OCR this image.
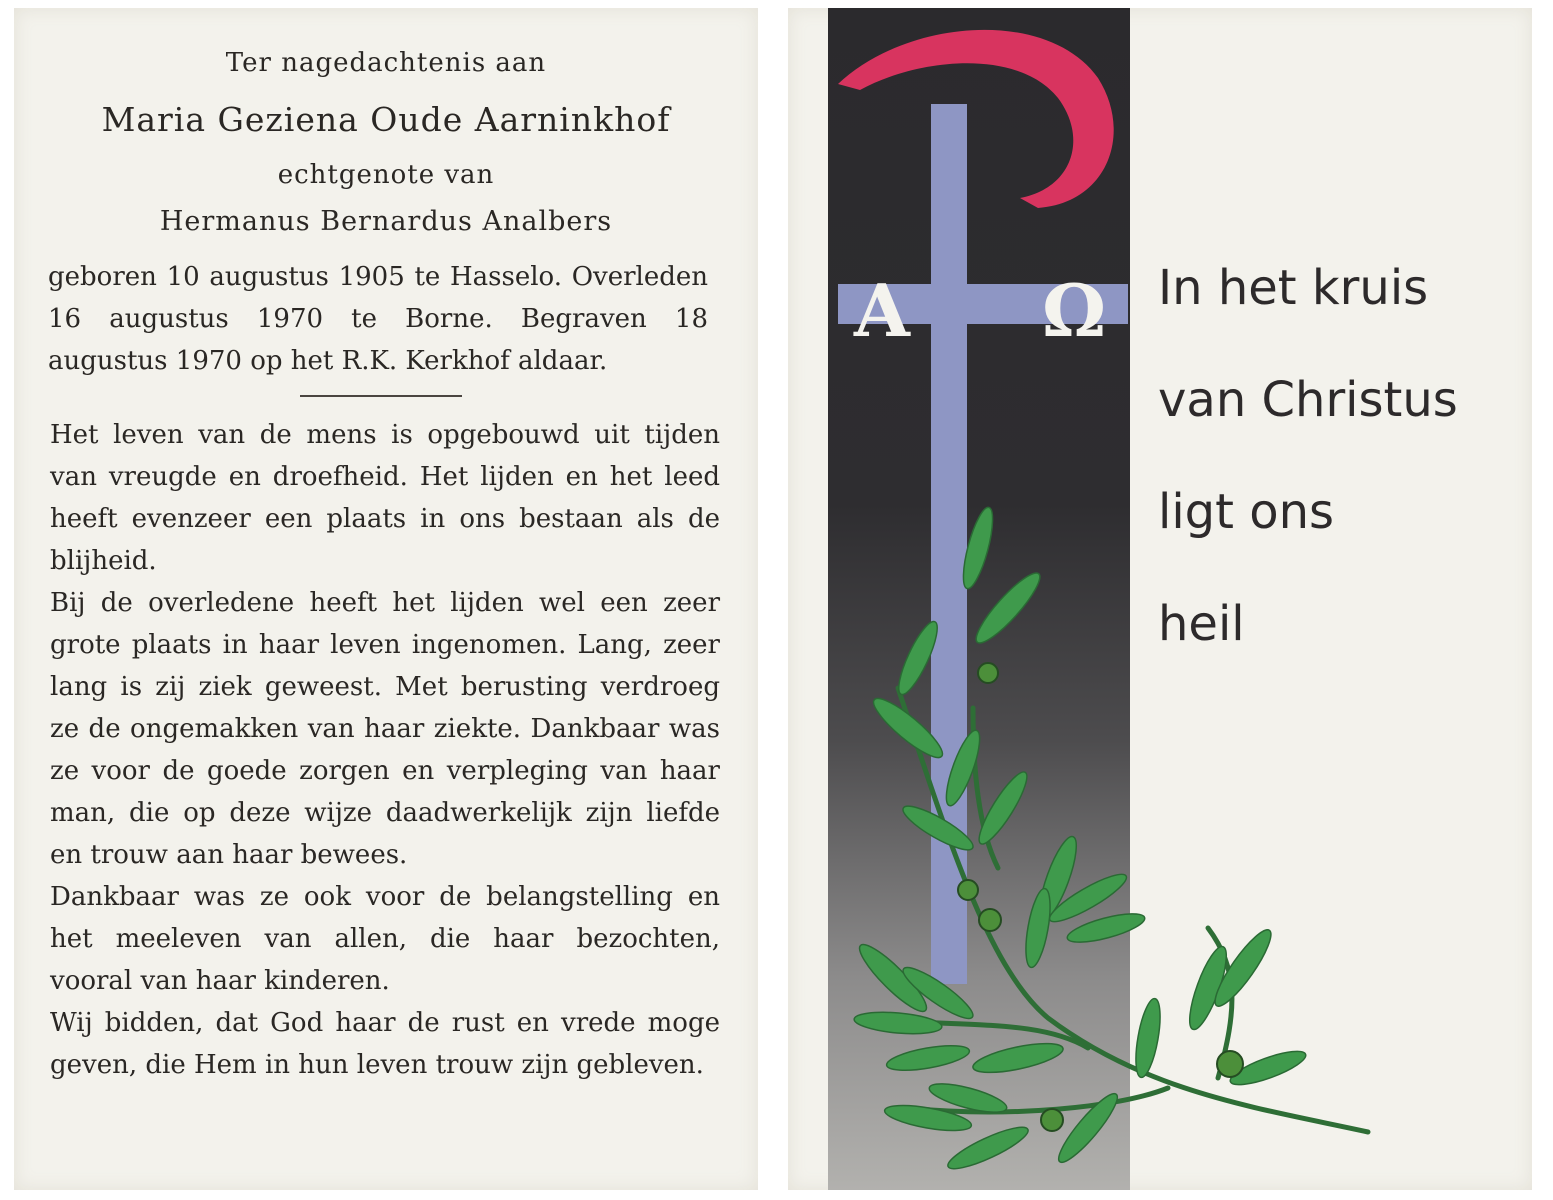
Ter nagedachtenis aan
Maria Geziena Oude Aarninkhof
echtgenote van
Hermanus Bernardus Analbers
geboren 10 augustus 1905 te Hasselo. Overleden 16 augustus 1970 te Borne. Begraven 18 augustus 1970 op het R.K. Kerkhof aldaar.

Het leven van de mens is opgebouwd uit tijden van vreugde en droefheid. Het lijden en het leed heeft evenzeer een plaats in ons bestaan als de blijheid.

Bij de overledene heeft het lijden wel een zeer grote plaats in haar leven ingenomen. Lang, zeer lang is zij ziek geweest. Met berusting verdroeg ze de ongemakken van haar ziekte. Dankbaar was ze voor de goede zorgen en verpleging van haar man, die op deze wijze daadwerkelijk zijn liefde en trouw aan haar bewees.

Dankbaar was ze ook voor de belangstelling en het meeleven van allen, die haar bezochten, vooral van haar kinderen.

Wij bidden, dat God haar de rust en vrede moge geven, die Hem in hun leven trouw zijn gebleven.

Α Ω In het kruis
van Christus
ligt ons
heil
